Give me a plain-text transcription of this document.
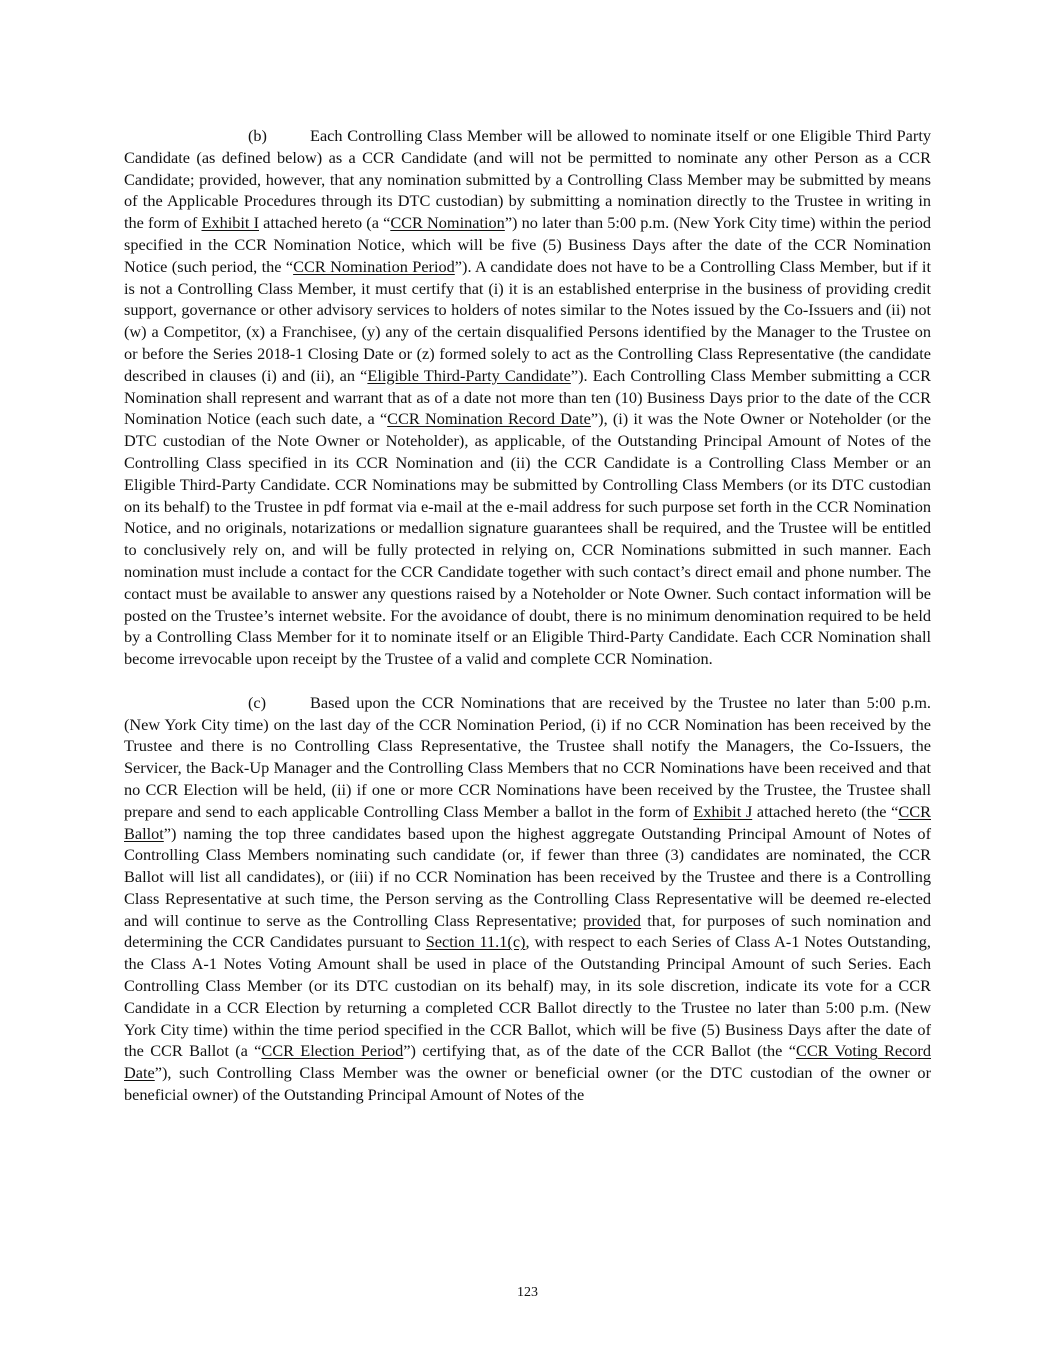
(b)	Each Controlling Class Member will be allowed to nominate itself or one Eligible Third Party Candidate (as defined below) as a CCR Candidate (and will not be permitted to nominate any other Person as a CCR Candidate; provided, however, that any nomination submitted by a Controlling Class Member may be submitted by means of the Applicable Procedures through its DTC custodian) by submitting a nomination directly to the Trustee in writing in the form of Exhibit I attached hereto (a “CCR Nomination”) no later than 5:00 p.m. (New York City time) within the period specified in the CCR Nomination Notice, which will be five (5) Business Days after the date of the CCR Nomination Notice (such period, the “CCR Nomination Period”). A candidate does not have to be a Controlling Class Member, but if it is not a Controlling Class Member, it must certify that (i) it is an established enterprise in the business of providing credit support, governance or other advisory services to holders of notes similar to the Notes issued by the Co-Issuers and (ii) not (w) a Competitor, (x) a Franchisee, (y) any of the certain disqualified Persons identified by the Manager to the Trustee on or before the Series 2018-1 Closing Date or (z) formed solely to act as the Controlling Class Representative (the candidate described in clauses (i) and (ii), an “Eligible Third-Party Candidate”). Each Controlling Class Member submitting a CCR Nomination shall represent and warrant that as of a date not more than ten (10) Business Days prior to the date of the CCR Nomination Notice (each such date, a “CCR Nomination Record Date”), (i) it was the Note Owner or Noteholder (or the DTC custodian of the Note Owner or Noteholder), as applicable, of the Outstanding Principal Amount of Notes of the Controlling Class specified in its CCR Nomination and (ii) the CCR Candidate is a Controlling Class Member or an Eligible Third-Party Candidate. CCR Nominations may be submitted by Controlling Class Members (or its DTC custodian on its behalf) to the Trustee in pdf format via e-mail at the e-mail address for such purpose set forth in the CCR Nomination Notice, and no originals, notarizations or medallion signature guarantees shall be required, and the Trustee will be entitled to conclusively rely on, and will be fully protected in relying on, CCR Nominations submitted in such manner. Each nomination must include a contact for the CCR Candidate together with such contact’s direct email and phone number. The contact must be available to answer any questions raised by a Noteholder or Note Owner. Such contact information will be posted on the Trustee’s internet website. For the avoidance of doubt, there is no minimum denomination required to be held by a Controlling Class Member for it to nominate itself or an Eligible Third-Party Candidate. Each CCR Nomination shall become irrevocable upon receipt by the Trustee of a valid and complete CCR Nomination.

(c)	Based upon the CCR Nominations that are received by the Trustee no later than 5:00 p.m. (New York City time) on the last day of the CCR Nomination Period, (i) if no CCR Nomination has been received by the Trustee and there is no Controlling Class Representative, the Trustee shall notify the Managers, the Co-Issuers, the Servicer, the Back-Up Manager and the Controlling Class Members that no CCR Nominations have been received and that no CCR Election will be held, (ii) if one or more CCR Nominations have been received by the Trustee, the Trustee shall prepare and send to each applicable Controlling Class Member a ballot in the form of Exhibit J attached hereto (the “CCR Ballot”) naming the top three candidates based upon the highest aggregate Outstanding Principal Amount of Notes of Controlling Class Members nominating such candidate (or, if fewer than three (3) candidates are nominated, the CCR Ballot will list all candidates), or (iii) if no CCR Nomination has been received by the Trustee and there is a Controlling Class Representative at such time, the Person serving as the Controlling Class Representative will be deemed re-elected and will continue to serve as the Controlling Class Representative; provided that, for purposes of such nomination and determining the CCR Candidates pursuant to Section 11.1(c), with respect to each Series of Class A-1 Notes Outstanding, the Class A-1 Notes Voting Amount shall be used in place of the Outstanding Principal Amount of such Series. Each Controlling Class Member (or its DTC custodian on its behalf) may, in its sole discretion, indicate its vote for a CCR Candidate in a CCR Election by returning a completed CCR Ballot directly to the Trustee no later than 5:00 p.m. (New York City time) within the time period specified in the CCR Ballot, which will be five (5) Business Days after the date of the CCR Ballot (a “CCR Election Period”) certifying that, as of the date of the CCR Ballot (the “CCR Voting Record Date”), such Controlling Class Member was the owner or beneficial owner (or the DTC custodian of the owner or beneficial owner) of the Outstanding Principal Amount of Notes of the

123
